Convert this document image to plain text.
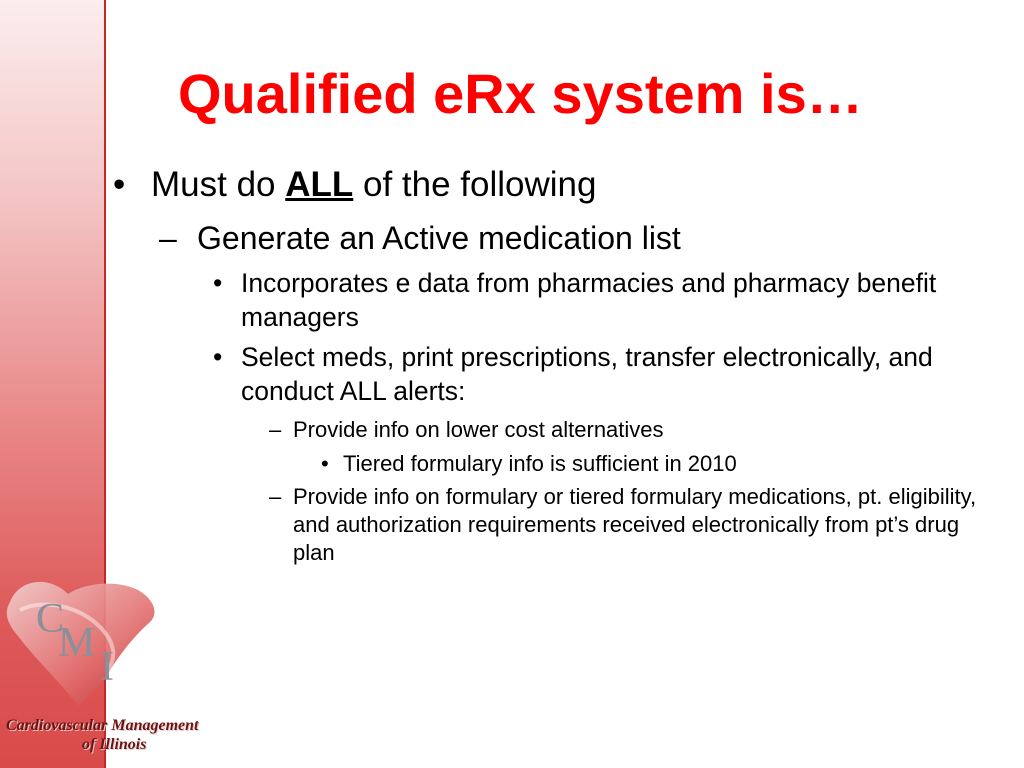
C
M
I
Cardiovascular Management
of Illinois
Qualified eRx system is…
• Must do ALL of the following
– Generate an Active medication list
• Incorporates e data from pharmacies and pharmacy benefit managers
• Select meds, print prescriptions, transfer electronically, and conduct ALL alerts:
– Provide info on lower cost alternatives
• Tiered formulary info is sufficient in 2010
– Provide info on formulary or tiered formulary medications, pt. eligibility, and authorization requirements received electronically from pt’s drug plan
